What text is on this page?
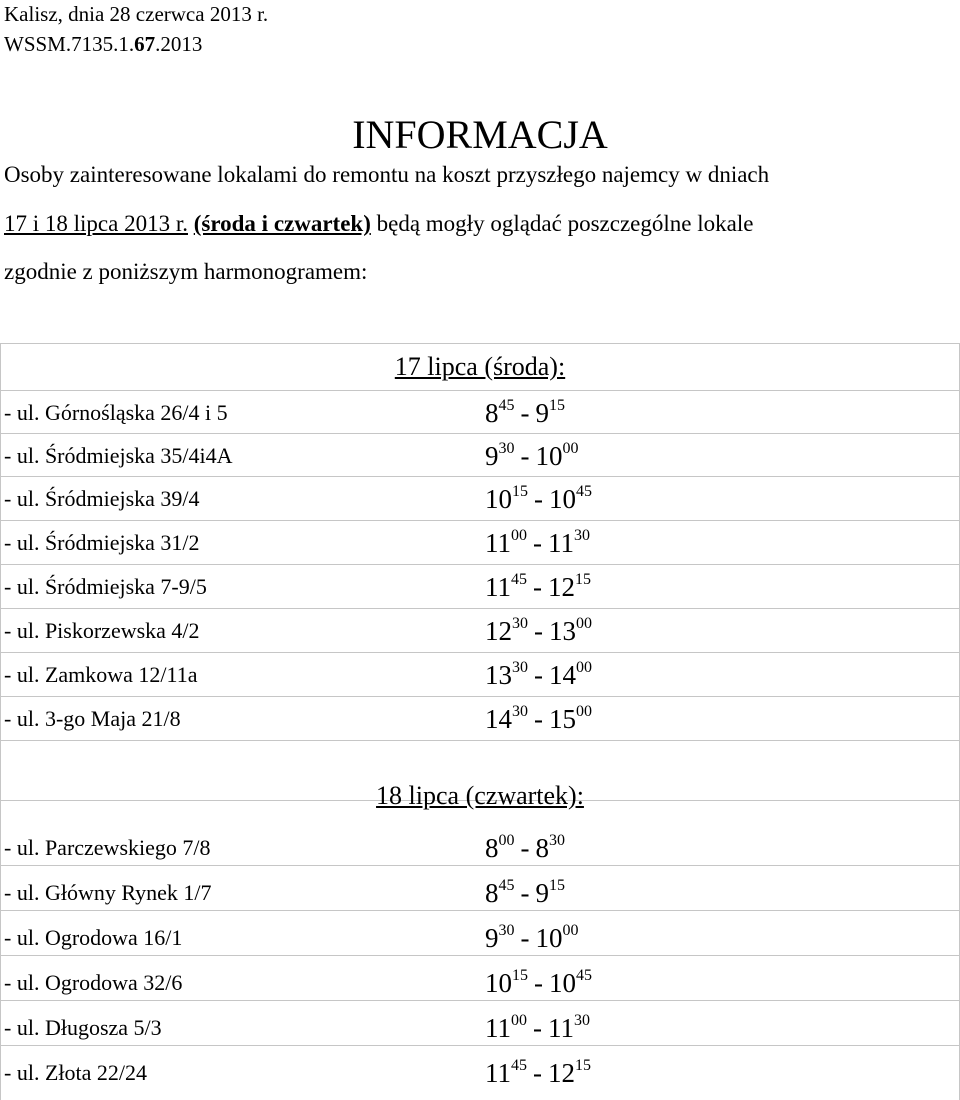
Kalisz, dnia 28 czerwca 2013 r.
WSSM.7135.1.67.2013
INFORMACJA
Osoby zainteresowane lokalami do remontu na koszt przyszłego najemcy w dniach
17 i 18 lipca 2013 r. (środa i czwartek) będą mogły oglądać poszczególne lokale
zgodnie z poniższym harmonogramem:
17 lipca (środa):
- ul. Górnośląska 26/4 i 5	$8^{45} - 9^{15}$
- ul. Śródmiejska 35/4i4A	$9^{30} - 10^{00}$
- ul. Śródmiejska 39/4	$10^{15} - 10^{45}$
- ul. Śródmiejska 31/2	$11^{00} - 11^{30}$
- ul. Śródmiejska 7-9/5	$11^{45} - 12^{15}$
- ul. Piskorzewska 4/2	$12^{30} - 13^{00}$
- ul. Zamkowa 12/11a	$13^{30} - 14^{00}$
- ul. 3-go Maja 21/8	$14^{30} - 15^{00}$
18 lipca (czwartek):
- ul. Parczewskiego 7/8	$8^{00} - 8^{30}$
- ul. Główny Rynek 1/7	$8^{45} - 9^{15}$
- ul. Ogrodowa 16/1	$9^{30} - 10^{00}$
- ul. Ogrodowa 32/6	$10^{15} - 10^{45}$
- ul. Długosza 5/3	$11^{00} - 11^{30}$
- ul. Złota 22/24	$11^{45} - 12^{15}$
